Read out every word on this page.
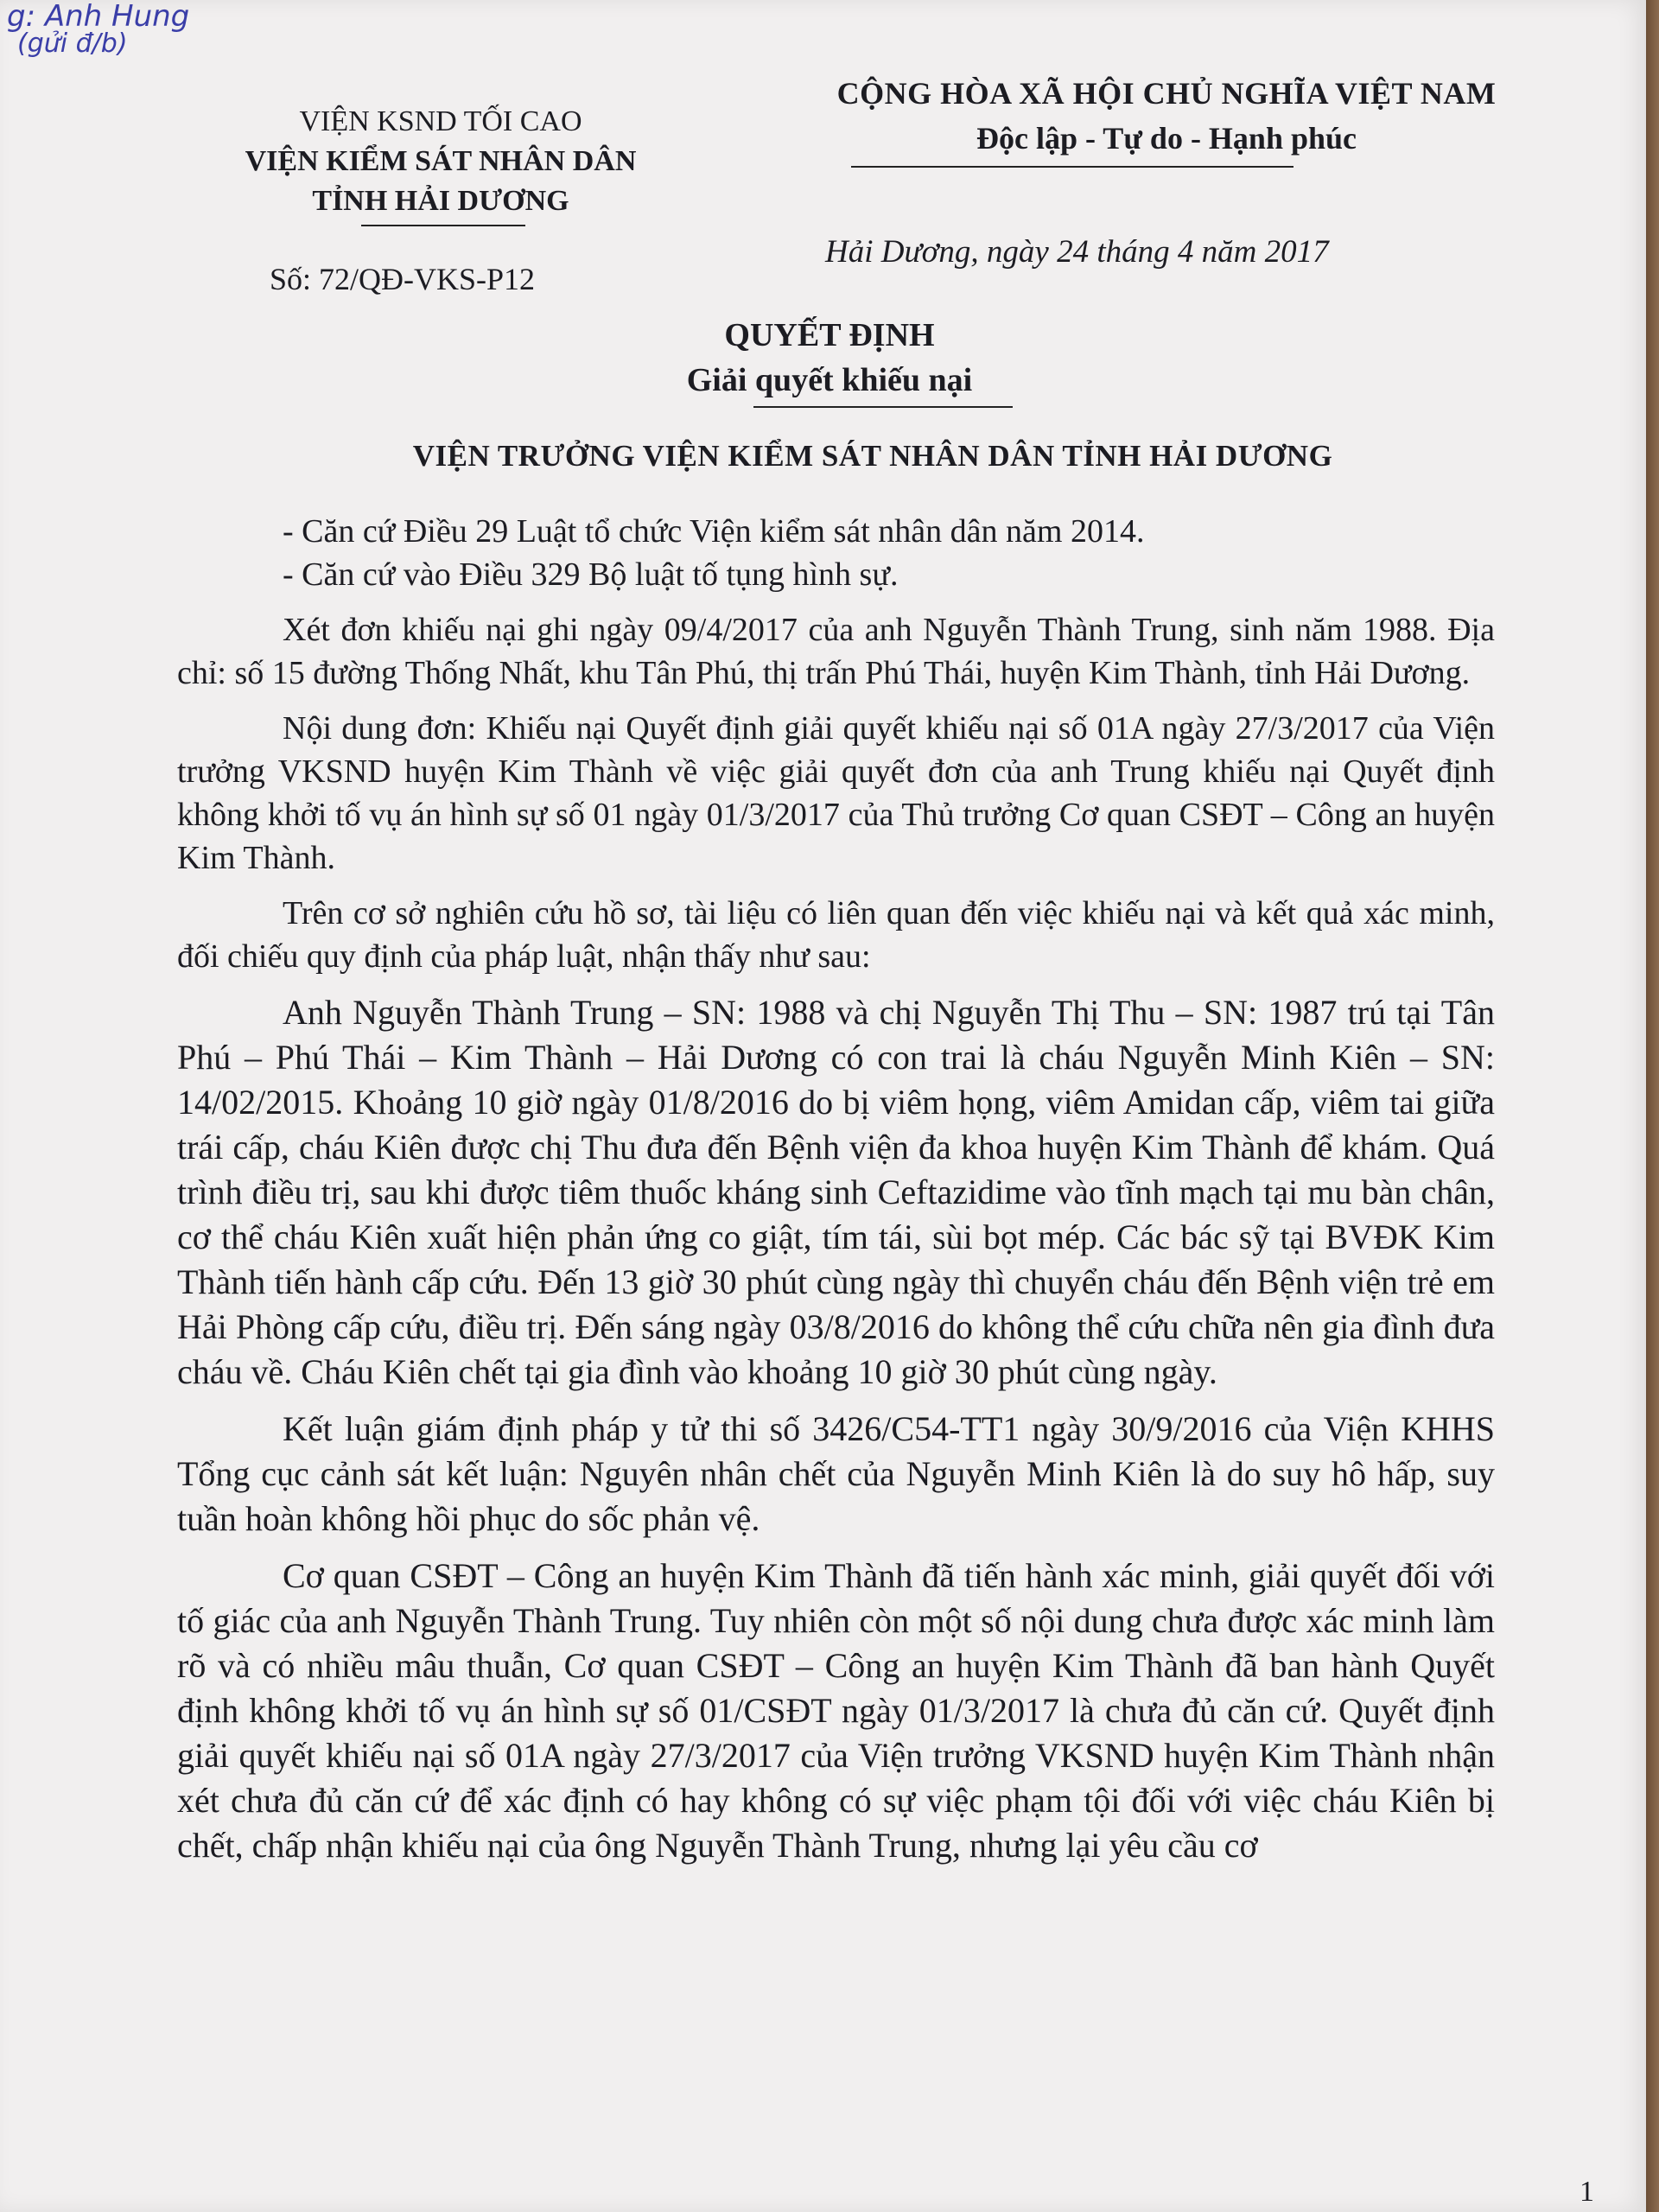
g: Anh Hung
(gửi đ/b)
VIỆN KSND TỐI CAO
VIỆN KIỂM SÁT NHÂN DÂN
TỈNH HẢI DƯƠNG
CỘNG HÒA XÃ HỘI CHỦ NGHĨA VIỆT NAM
Độc lập - Tự do - Hạnh phúc
Số: 72/QĐ-VKS-P12
Hải Dương, ngày 24 tháng 4 năm 2017
QUYẾT ĐỊNH
Giải quyết khiếu nại
VIỆN TRƯỞNG VIỆN KIỂM SÁT NHÂN DÂN TỈNH HẢI DƯƠNG

- Căn cứ Điều 29 Luật tổ chức Viện kiểm sát nhân dân năm 2014.

- Căn cứ vào Điều 329 Bộ luật tố tụng hình sự.

Xét đơn khiếu nại ghi ngày 09/4/2017 của anh Nguyễn Thành Trung, sinh năm 1988. Địa chỉ: số 15 đường Thống Nhất, khu Tân Phú, thị trấn Phú Thái, huyện Kim Thành, tỉnh Hải Dương.

Nội dung đơn: Khiếu nại Quyết định giải quyết khiếu nại số 01A ngày 27/3/2017 của Viện trưởng VKSND huyện Kim Thành về việc giải quyết đơn của anh Trung khiếu nại Quyết định không khởi tố vụ án hình sự số 01 ngày 01/3/2017 của Thủ trưởng Cơ quan CSĐT – Công an huyện Kim Thành.

Trên cơ sở nghiên cứu hồ sơ, tài liệu có liên quan đến việc khiếu nại và kết quả xác minh, đối chiếu quy định của pháp luật, nhận thấy như sau:

Anh Nguyễn Thành Trung – SN: 1988 và chị Nguyễn Thị Thu – SN: 1987 trú tại Tân Phú – Phú Thái – Kim Thành – Hải Dương có con trai là cháu Nguyễn Minh Kiên – SN: 14/02/2015. Khoảng 10 giờ ngày 01/8/2016 do bị viêm họng, viêm Amidan cấp, viêm tai giữa trái cấp, cháu Kiên được chị Thu đưa đến Bệnh viện đa khoa huyện Kim Thành để khám. Quá trình điều trị, sau khi được tiêm thuốc kháng sinh Ceftazidime vào tĩnh mạch tại mu bàn chân, cơ thể cháu Kiên xuất hiện phản ứng co giật, tím tái, sùi bọt mép. Các bác sỹ tại BVĐK Kim Thành tiến hành cấp cứu. Đến 13 giờ 30 phút cùng ngày thì chuyển cháu đến Bệnh viện trẻ em Hải Phòng cấp cứu, điều trị. Đến sáng ngày 03/8/2016 do không thể cứu chữa nên gia đình đưa cháu về. Cháu Kiên chết tại gia đình vào khoảng 10 giờ 30 phút cùng ngày.

Kết luận giám định pháp y tử thi số 3426/C54-TT1 ngày 30/9/2016 của Viện KHHS Tổng cục cảnh sát kết luận: Nguyên nhân chết của Nguyễn Minh Kiên là do suy hô hấp, suy tuần hoàn không hồi phục do sốc phản vệ.

Cơ quan CSĐT – Công an huyện Kim Thành đã tiến hành xác minh, giải quyết đối với tố giác của anh Nguyễn Thành Trung. Tuy nhiên còn một số nội dung chưa được xác minh làm rõ và có nhiều mâu thuẫn, Cơ quan CSĐT – Công an huyện Kim Thành đã ban hành Quyết định không khởi tố vụ án hình sự số 01/CSĐT ngày 01/3/2017 là chưa đủ căn cứ. Quyết định giải quyết khiếu nại số 01A ngày 27/3/2017 của Viện trưởng VKSND huyện Kim Thành nhận xét chưa đủ căn cứ để xác định có hay không có sự việc phạm tội đối với việc cháu Kiên bị chết, chấp nhận khiếu nại của ông Nguyễn Thành Trung, nhưng lại yêu cầu cơ

1
